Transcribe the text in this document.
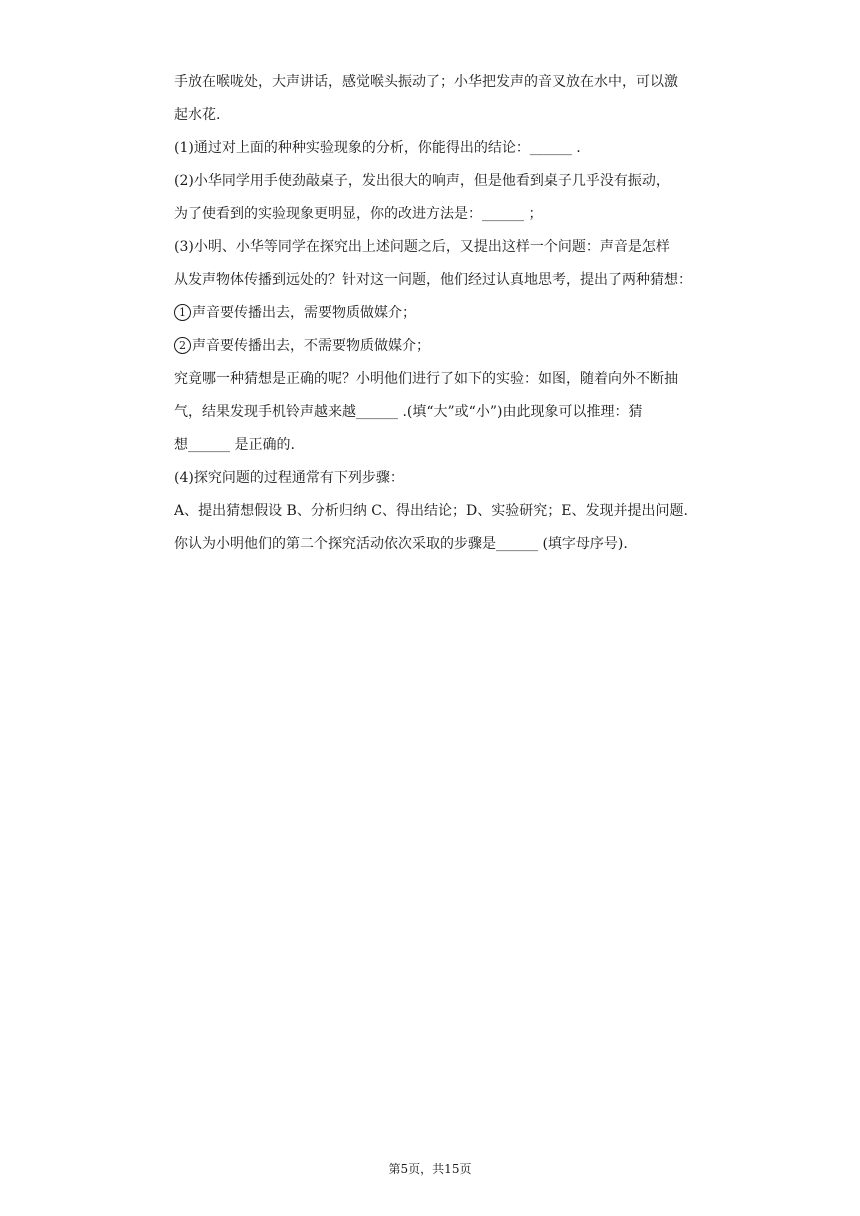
手放在喉咙处，大声讲话，感觉喉头振动了；小华把发声的音叉放在水中，可以激
起水花.
(1)通过对上面的种种实验现象的分析，你能得出的结论：______ .
(2)小华同学用手使劲敲桌子，发出很大的响声，但是他看到桌子几乎没有振动，
为了使看到的实验现象更明显，你的改进方法是：______ ；
(3)小明、小华等同学在探究出上述问题之后，又提出这样一个问题：声音是怎样
从发声物体传播到远处的？针对这一问题，他们经过认真地思考，提出了两种猜想：
1 声音要传播出去，需要物质做媒介；
2 声音要传播出去，不需要物质做媒介；
究竟哪一种猜想是正确的呢？小明他们进行了如下的实验：如图，随着向外不断抽
气，结果发现手机铃声越来越______ .(填“大”或“小”)由此现象可以推理：猜
想______ 是正确的.
(4)探究问题的过程通常有下列步骤：
A、提出猜想假设 B、分析归纳 C、得出结论；D、实验研究；E、发现并提出问题.
你认为小明他们的第二个探究活动依次采取的步骤是______ (填字母序号).
第5页，共15页
